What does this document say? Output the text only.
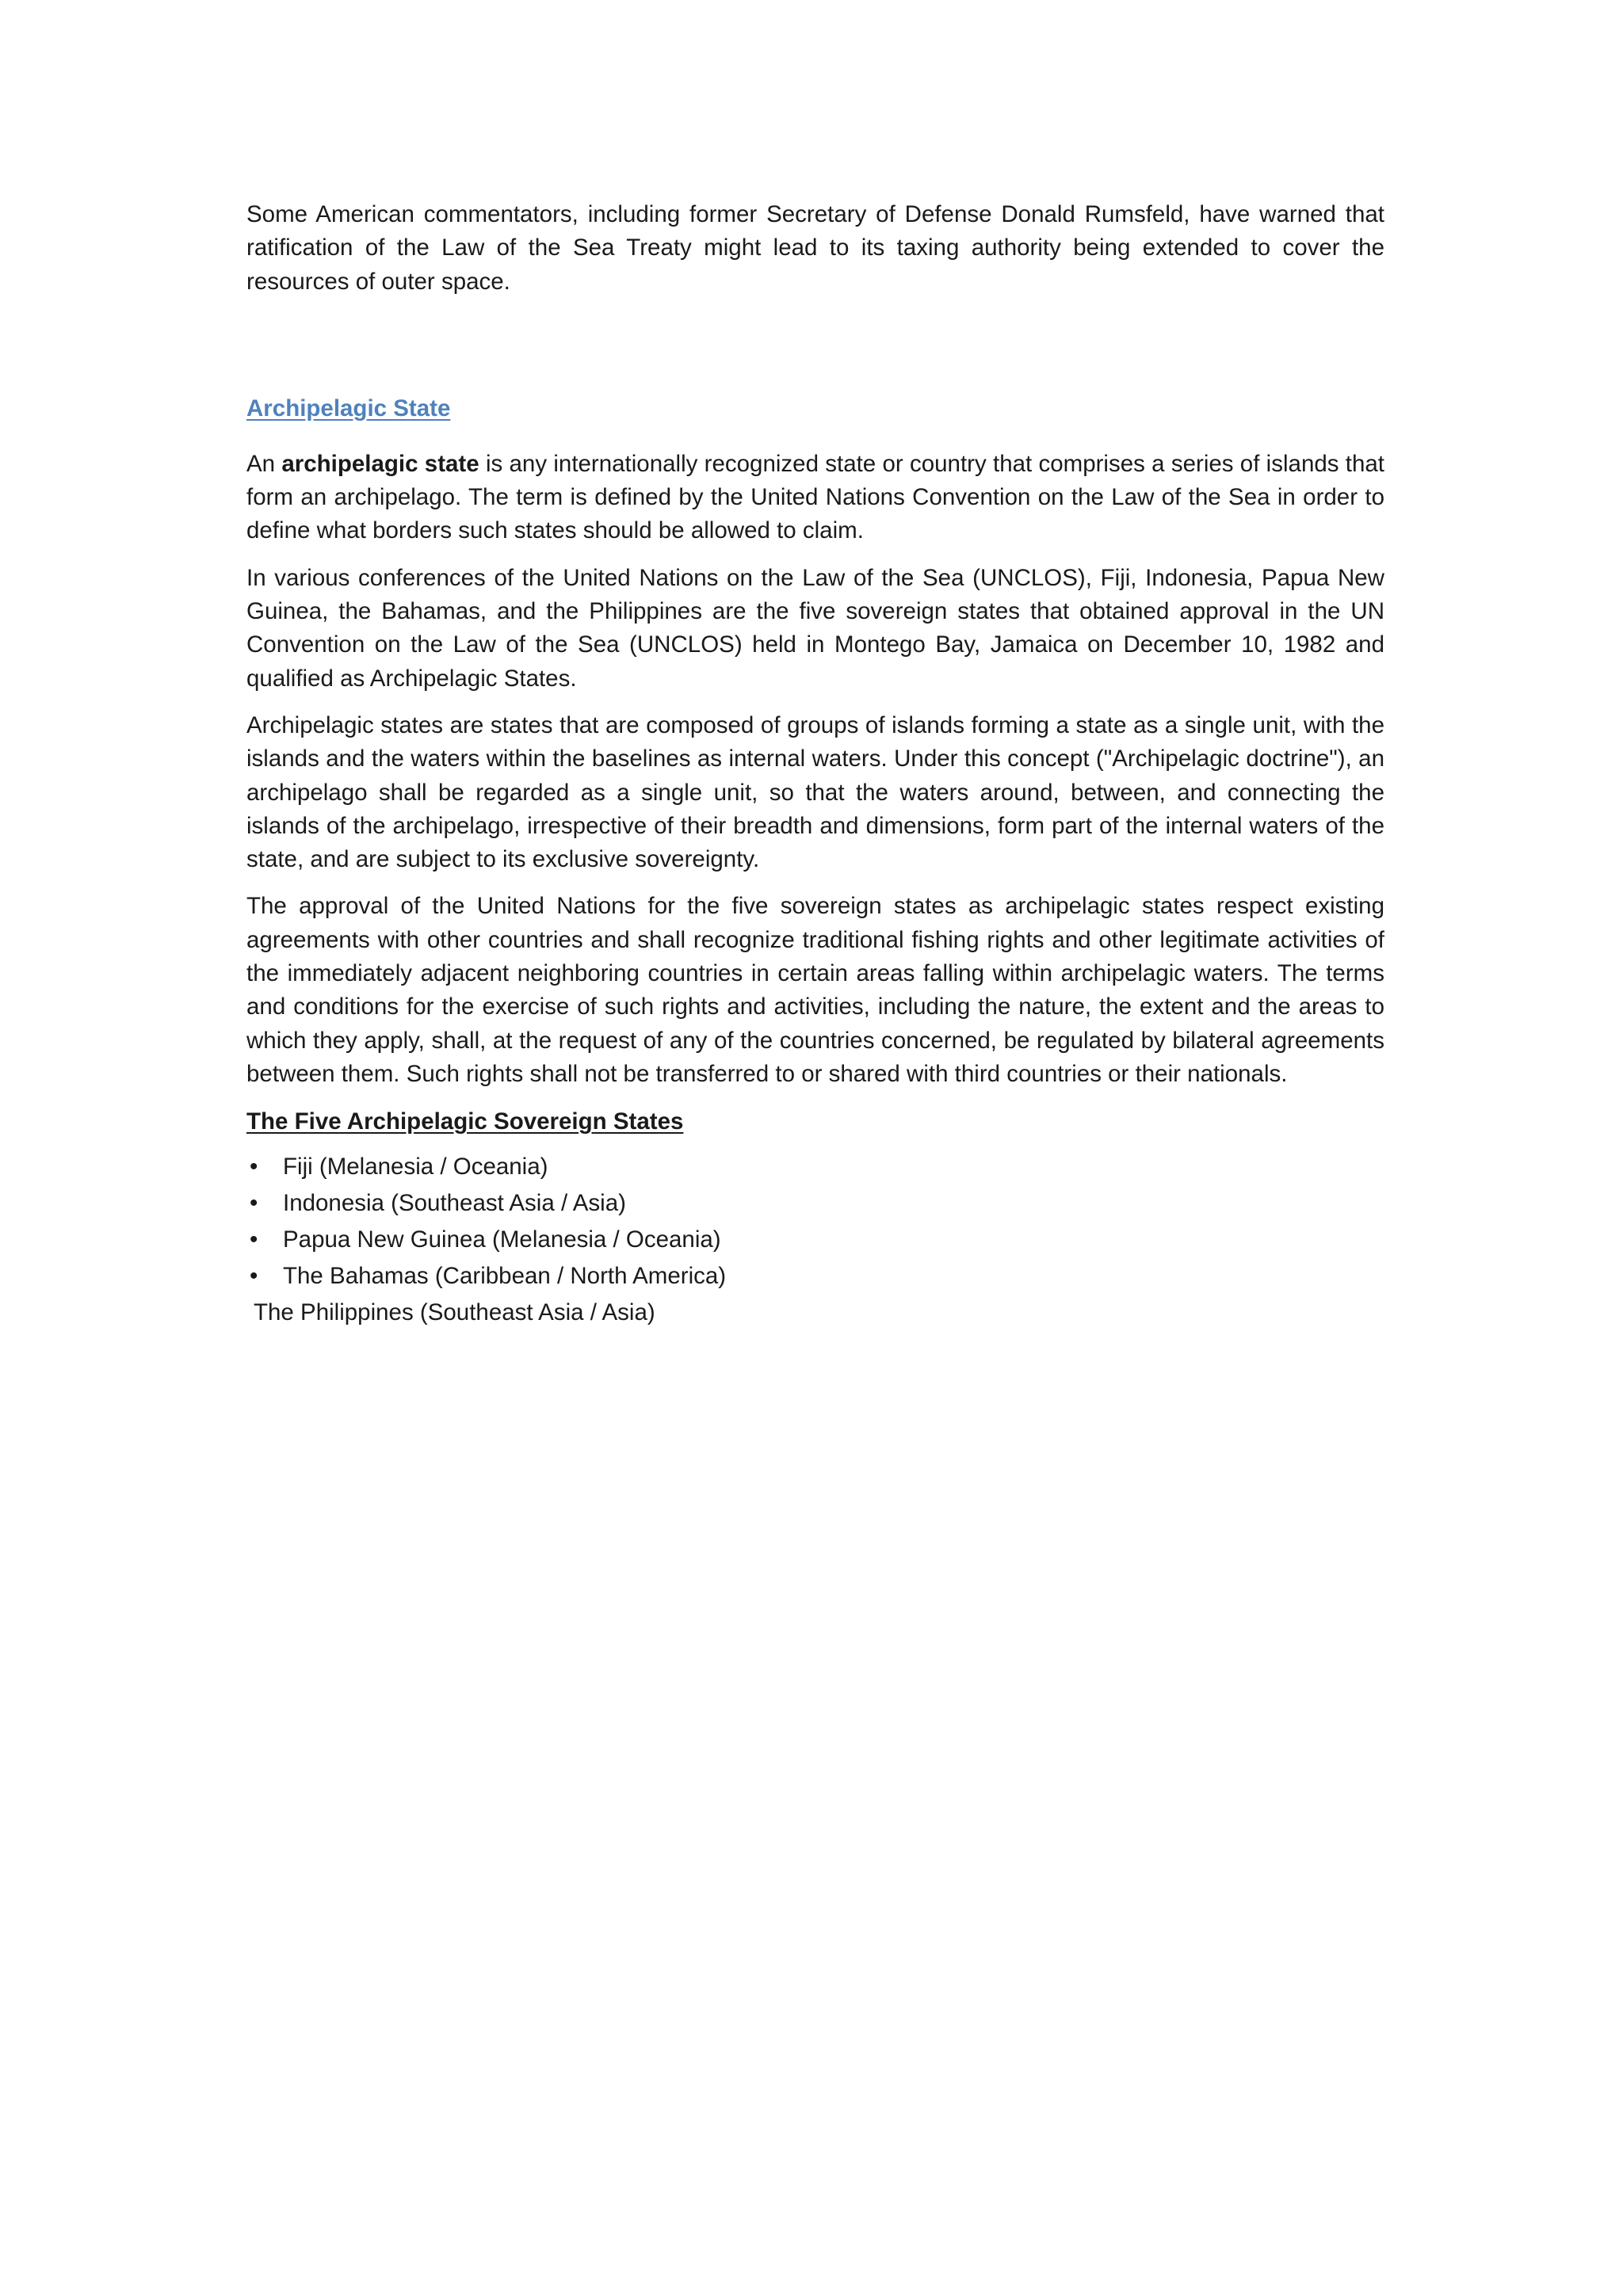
Some American commentators, including former Secretary of Defense Donald Rumsfeld, have warned that ratification of the Law of the Sea Treaty might lead to its taxing authority being extended to cover the resources of outer space.

Archipelagic State

An archipelagic state is any internationally recognized state or country that comprises a series of islands that form an archipelago. The term is defined by the United Nations Convention on the Law of the Sea in order to define what borders such states should be allowed to claim.

In various conferences of the United Nations on the Law of the Sea (UNCLOS), Fiji, Indonesia, Papua New Guinea, the Bahamas, and the Philippines are the five sovereign states that obtained approval in the UN Convention on the Law of the Sea (UNCLOS) held in Montego Bay, Jamaica on December 10, 1982 and qualified as Archipelagic States.

Archipelagic states are states that are composed of groups of islands forming a state as a single unit, with the islands and the waters within the baselines as internal waters. Under this concept ("Archipelagic doctrine"), an archipelago shall be regarded as a single unit, so that the waters around, between, and connecting the islands of the archipelago, irrespective of their breadth and dimensions, form part of the internal waters of the state, and are subject to its exclusive sovereignty.

The approval of the United Nations for the five sovereign states as archipelagic states respect existing agreements with other countries and shall recognize traditional fishing rights and other legitimate activities of the immediately adjacent neighboring countries in certain areas falling within archipelagic waters. The terms and conditions for the exercise of such rights and activities, including the nature, the extent and the areas to which they apply, shall, at the request of any of the countries concerned, be regulated by bilateral agreements between them. Such rights shall not be transferred to or shared with third countries or their nationals.

The Five Archipelagic Sovereign States
• Fiji (Melanesia / Oceania)
• Indonesia (Southeast Asia / Asia)
• Papua New Guinea (Melanesia / Oceania)
• The Bahamas (Caribbean / North America)
The Philippines (Southeast Asia / Asia)
